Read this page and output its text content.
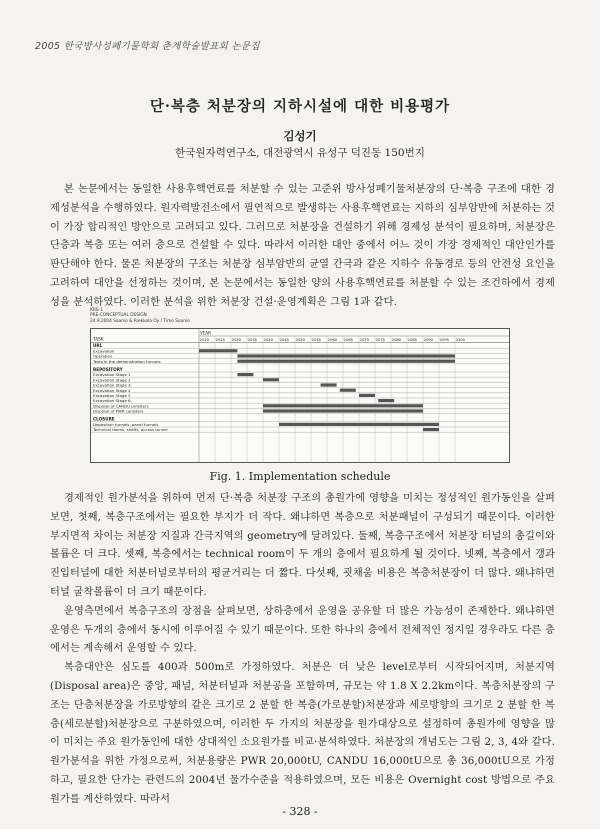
2005 한국방사성폐기물학회 춘계학술발표회 논문집
단·복층 처분장의 지하시설에 대한 비용평가
김성기
한국원자력연구소, 대전광역시 유성구 덕진동 150번지

본 논문에서는 동일한 사용후핵연료를 처분할 수 있는 고준위 방사성폐기물처분장의 단·복층 구조에 대한 경제성분석을 수행하였다. 원자력발전소에서 필연적으로 발생하는 사용후핵연료는 지하의 심부암반에 처분하는 것이 가장 합리적인 방안으로 고려되고 있다. 그러므로 처분장을 건설하기 위해 경제성 분석이 필요하며, 처분장은 단층과 복층 또는 여러 층으로 건설할 수 있다. 따라서 이러한 대안 중에서 어느 것이 가장 경제적인 대안인가를 판단해야 한다. 물론 처분장의 구조는 처분장 심부암반의 균열 간극과 같은 지하수 유동경로 등의 안전성 요인을 고려하여 대안을 선정하는 것이며, 본 논문에서는 동일한 양의 사용후핵연료를 처분할 수 있는 조건하에서 경제성을 분석하였다. 이러한 분석을 위한 처분장 건설·운영계획은 그림 1과 같다.

KRS-1
PRE-CONCEPTUAL DESIGN
24.9.2004 Saanio & Riekkola Oy / Timo Saanio
YEAR
TASK	2020 2025 2030 2035 2040 2045 2050 2055 2060 2065 2070 2075 2080 2085 2090 2095 2100
URL
Excavation
Operation
Tests in the demonstration tunnels
REPOSITORY
Excavation Stage 1
Excavation Stage 2
Excavation Stage 3
Excavation Stage 4
Excavation Stage 5
Excavation Stage 6
Disposal of CANDU canisters
Disposal of PWR canisters
CLOSURE
Deposition tunnels, panel tunnels
Technical rooms, shafts, access tunnel
Fig. 1. Implementation schedule

경제적인 원가분석을 위하여 먼저 단·복층 처분장 구조의 총원가에 영향을 미치는 정성적인 원가동인을 살펴보면, 첫째, 복층구조에서는 필요한 부지가 더 작다. 왜냐하면 복층으로 처분패널이 구성되기 때문이다. 이러한 부지면적 차이는 처분장 지질과 간극지역의 geometry에 달려있다. 둘째, 복층구조에서 처분장 터널의 총길이와 볼륨은 더 크다. 셋째, 복층에서는 technical room이 두 개의 층에서 필요하게 될 것이다. 넷째, 복층에서 갱과 진입터널에 대한 처분터널로부터의 평균거리는 더 짧다. 다섯째, 굇채움 비용은 복층처분장이 더 많다. 왜냐하면 터널 굴착볼륨이 더 크기 때문이다.

운영측면에서 복층구조의 장점을 살펴보면, 상하층에서 운영을 공유할 더 많은 가능성이 존재한다. 왜냐하면 운영은 두개의 층에서 동시에 이루어질 수 있기 때문이다. 또한 하나의 층에서 전체적인 정지일 경우라도 다른 층에서는 계속해서 운영할 수 있다.

복층대안은 심도를 400과 500m로 가정하였다. 처분은 더 낮은 level로부터 시작되어지며, 처분지역(Disposal area)은 중앙, 패널, 처분터널과 처분공을 포함하며, 규모는 약 1.8 X 2.2km이다. 복층처분장의 구조는 단층처분장을 가로방향의 같은 크기로 2 분할 한 복층(가로분할)처분장과 세로방향의 크기로 2 분할 한 복층(세로분할)처분장으로 구분하였으며, 이러한 두 가지의 처분장을 원가대상으로 설정하여 총원가에 영향을 많이 미치는 주요 원가동인에 대한 상대적인 소요원가를 비교·분석하였다. 처분장의 개념도는 그림 2, 3, 4와 같다. 원가분석을 위한 가정으로써, 처분용량은 PWR 20,000tU, CANDU 16,000tU으로 총 36,000tU으로 가정하고, 필요한 단가는 관련드의 2004년 물가수준을 적용하였으며, 모든 비용은 Overnight cost 방법으로 주요원가를 계산하였다. 따라서

- 328 -
